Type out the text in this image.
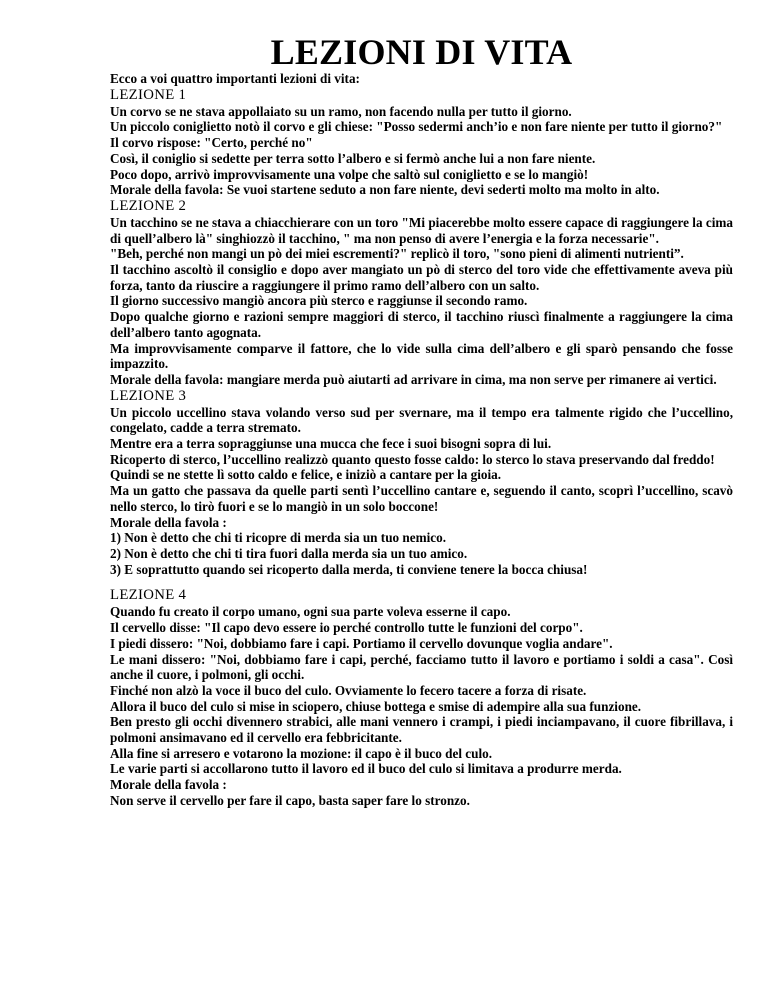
LEZIONI DI VITA

Ecco a voi quattro importanti lezioni di vita:

LEZIONE 1

Un corvo se ne stava appollaiato su un ramo, non facendo nulla per tutto il giorno.

Un piccolo coniglietto notò il corvo e gli chiese: "Posso sedermi anch’io e non fare niente per tutto il giorno?"

Il corvo rispose: "Certo, perché no"

Così, il coniglio si sedette per terra sotto l’albero e si fermò anche lui a non fare niente.

Poco dopo, arrivò improvvisamente una volpe che saltò sul coniglietto e se lo mangiò!

Morale della favola: Se vuoi startene seduto a non fare niente, devi sederti molto ma molto in alto.

LEZIONE 2

Un tacchino se ne stava a chiacchierare con un toro "Mi piacerebbe molto essere capace di raggiungere la cima di quell’albero là" singhiozzò il tacchino, " ma non penso di avere l’energia e la forza necessarie".

"Beh, perché non mangi un pò dei miei escrementi?" replicò il toro, "sono pieni di alimenti nutrienti”.

Il tacchino ascoltò il consiglio e dopo aver mangiato un pò di sterco del toro vide che effettivamente aveva più forza, tanto da riuscire a raggiungere il primo ramo dell’albero con un salto.

Il giorno successivo mangiò ancora più sterco e raggiunse il secondo ramo.

Dopo qualche giorno e razioni sempre maggiori di sterco, il tacchino riuscì finalmente a raggiungere la cima dell’albero tanto agognata.

Ma improvvisamente comparve il fattore, che lo vide sulla cima dell’albero e gli sparò pensando che fosse impazzito.

Morale della favola: mangiare merda può aiutarti ad arrivare in cima, ma non serve per rimanere ai vertici.

LEZIONE 3

Un piccolo uccellino stava volando verso sud per svernare, ma il tempo era talmente rigido che l’uccellino, congelato, cadde a terra stremato.

Mentre era a terra sopraggiunse una mucca che fece i suoi bisogni sopra di lui.

Ricoperto di sterco, l’uccellino realizzò quanto questo fosse caldo: lo sterco lo stava preservando dal freddo!

Quindi se ne stette lì sotto caldo e felice, e iniziò a cantare per la gioia.

Ma un gatto che passava da quelle parti sentì l’uccellino cantare e, seguendo il canto, scoprì l’uccellino, scavò nello sterco, lo tirò fuori e se lo mangiò in un solo boccone!

Morale della favola :

1) Non è detto che chi ti ricopre di merda sia un tuo nemico.

2) Non è detto che chi ti tira fuori dalla merda sia un tuo amico.

3) E soprattutto quando sei ricoperto dalla merda, ti conviene tenere la bocca chiusa!

LEZIONE 4

Quando fu creato il corpo umano, ogni sua parte voleva esserne il capo.

Il cervello disse: "Il capo devo essere io perché controllo tutte le funzioni del corpo".

I piedi dissero: "Noi, dobbiamo fare i capi. Portiamo il cervello dovunque voglia andare".

Le mani dissero: "Noi, dobbiamo fare i capi, perché, facciamo tutto il lavoro e portiamo i soldi a casa". Così anche il cuore, i polmoni, gli occhi.

Finché non alzò la voce il buco del culo. Ovviamente lo fecero tacere a forza di risate.

Allora il buco del culo si mise in sciopero, chiuse bottega e smise di adempire alla sua funzione.

Ben presto gli occhi divennero strabici, alle mani vennero i crampi, i piedi inciampavano, il cuore fibrillava, i polmoni ansimavano ed il cervello era febbricitante.

Alla fine si arresero e votarono la mozione: il capo è il buco del culo.

Le varie parti si accollarono tutto il lavoro ed il buco del culo si limitava a produrre merda.

Morale della favola :

Non serve il cervello per fare il capo, basta saper fare lo stronzo.
